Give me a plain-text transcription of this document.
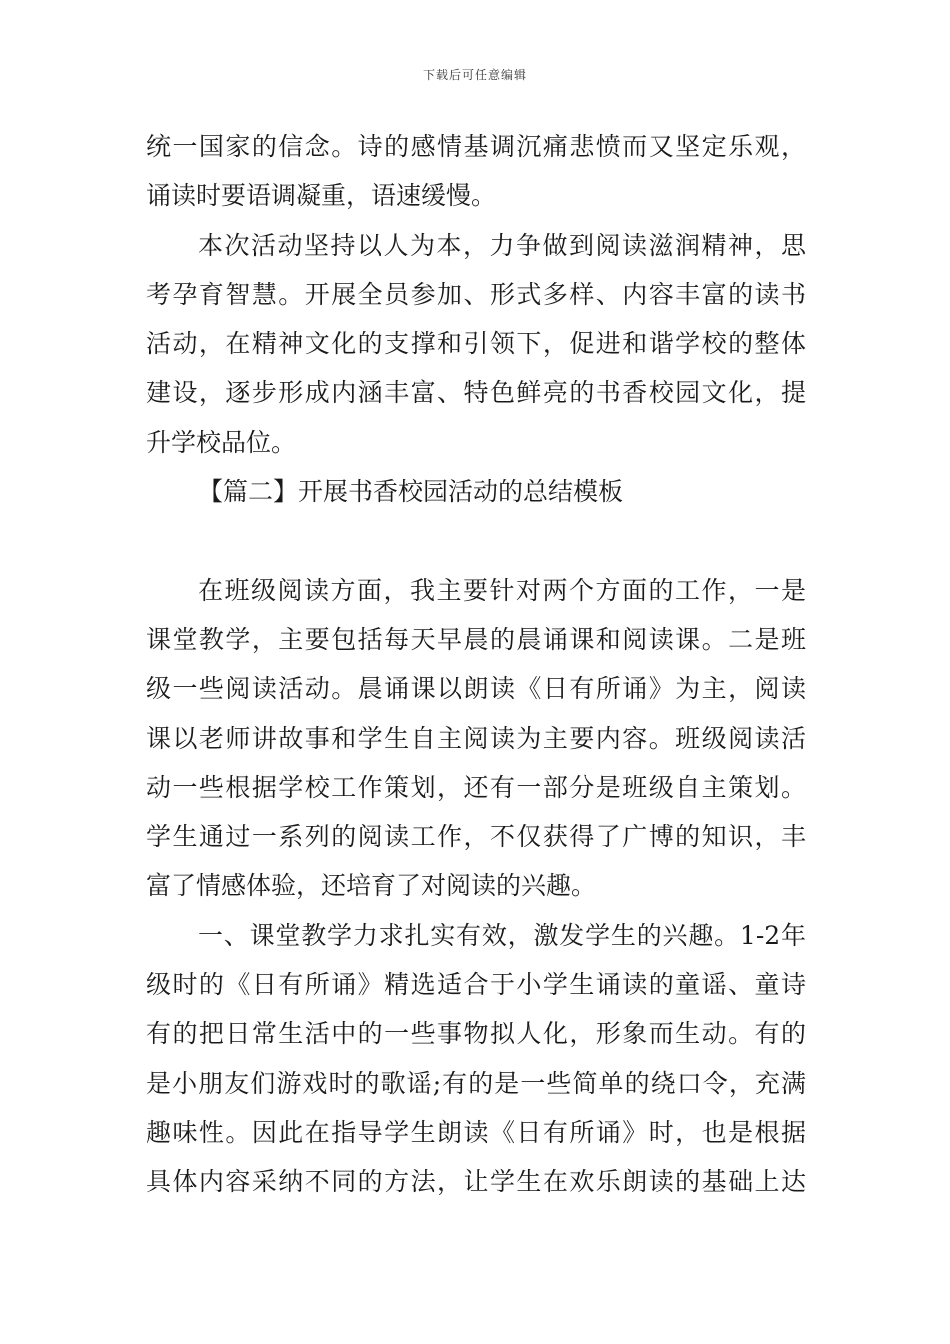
下载后可任意编辑
统一国家的信念。诗的感情基调沉痛悲愤而又坚定乐观，
诵读时要语调凝重，语速缓慢。
本次活动坚持以人为本，力争做到阅读滋润精神，思
考孕育智慧。开展全员参加、形式多样、内容丰富的读书
活动，在精神文化的支撑和引领下，促进和谐学校的整体
建设，逐步形成内涵丰富、特色鲜亮的书香校园文化，提
升学校品位。
【篇二】开展书香校园活动的总结模板
在班级阅读方面，我主要针对两个方面的工作，一是
课堂教学，主要包括每天早晨的晨诵课和阅读课。二是班
级一些阅读活动。晨诵课以朗读《日有所诵》为主，阅读
课以老师讲故事和学生自主阅读为主要内容。班级阅读活
动一些根据学校工作策划，还有一部分是班级自主策划。
学生通过一系列的阅读工作，不仅获得了广博的知识，丰
富了情感体验，还培育了对阅读的兴趣。
一、课堂教学力求扎实有效，激发学生的兴趣。1-2年
级时的《日有所诵》精选适合于小学生诵读的童谣、童诗
有的把日常生活中的一些事物拟人化，形象而生动。有的
是小朋友们游戏时的歌谣;有的是一些简单的绕口令，充满
趣味性。因此在指导学生朗读《日有所诵》时，也是根据
具体内容采纳不同的方法，让学生在欢乐朗读的基础上达
